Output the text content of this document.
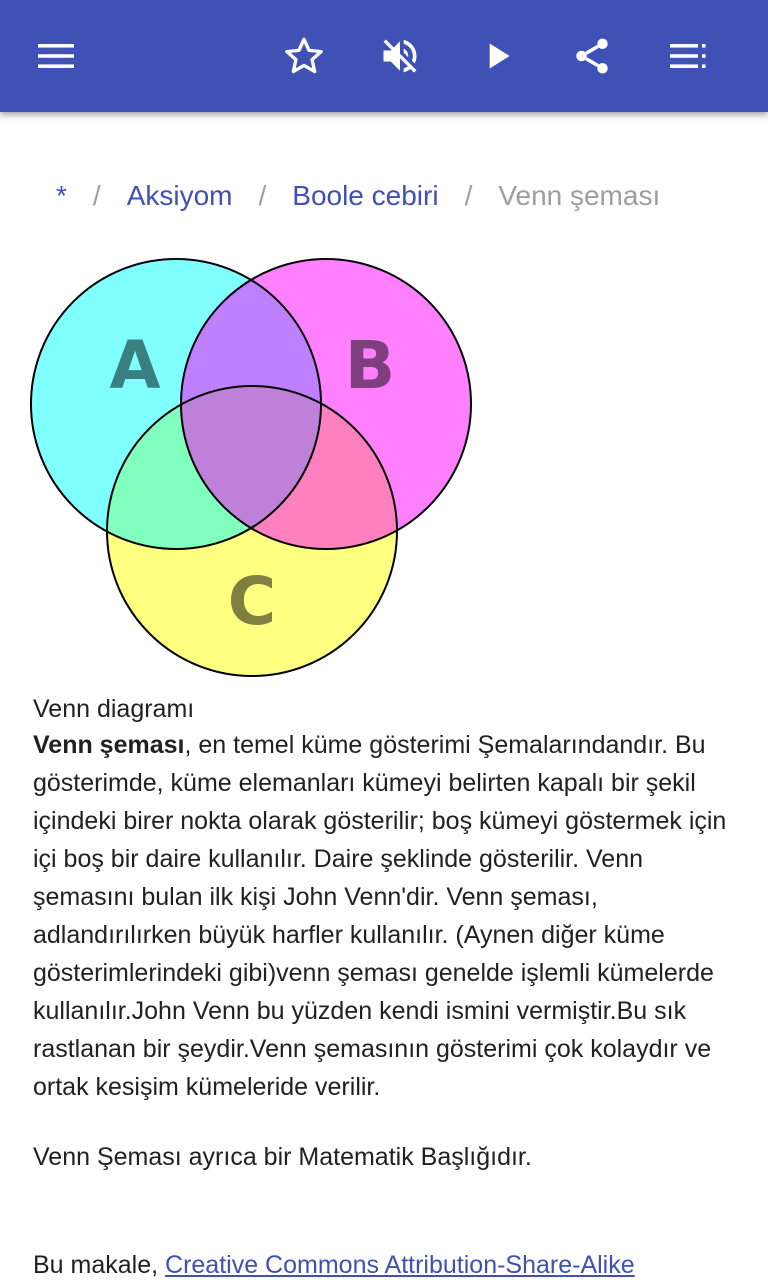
* / Aksiyom / Boole cebiri / Venn şeması
A	B
C
Venn diagramı
Venn şeması, en temel küme gösterimi Şemalarındandır. Bu gösterimde, küme elemanları kümeyi belirten kapalı bir şekil içindeki birer nokta olarak gösterilir; boş kümeyi göstermek için içi boş bir daire kullanılır. Daire şeklinde gösterilir. Venn şemasını bulan ilk kişi John Venn'dir. Venn şeması, adlandırılırken büyük harfler kullanılır. (Aynen diğer küme gösterimlerindeki gibi)venn şeması genelde işlemli kümelerde kullanılır.John Venn bu yüzden kendi ismini vermiştir.Bu sık rastlanan bir şeydir.Venn şemasının gösterimi çok kolaydır ve ortak kesişim kümeleride verilir.
Venn Şeması ayrıca bir Matematik Başlığıdır.
Bu makale, Creative Commons Attribution-Share-Alike
